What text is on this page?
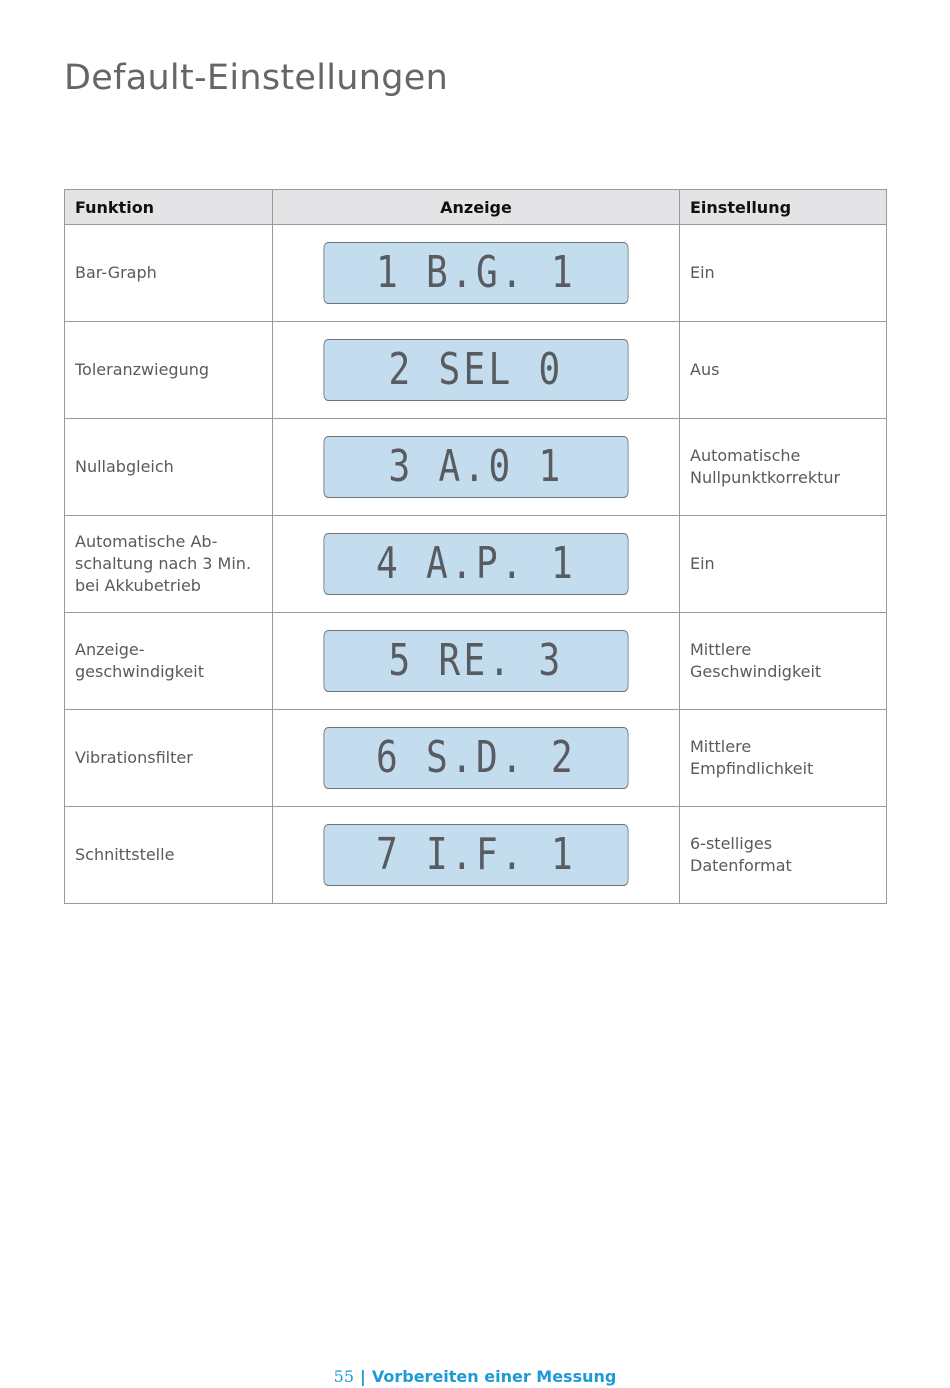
Default-Einstellungen
Funktion	Anzeige	Einstellung
Bar-Graph	1 B.G. 1	Ein
Toleranzwiegung	2 SEL 0	Aus
Nullabgleich	3 A.0 1	Automatische Nullpunktkorrektur
Automatische Ab-schaltung nach 3 Min. bei Akkubetrieb	4 A.P. 1	Ein
Anzeige-geschwindigkeit	5 RE. 3	Mittlere Geschwindigkeit
Vibrationsfilter	6 S.D. 2	Mittlere Empfindlichkeit
Schnittstelle	7 I.F. 1	6-stelliges Datenformat
55 | Vorbereiten einer Messung
